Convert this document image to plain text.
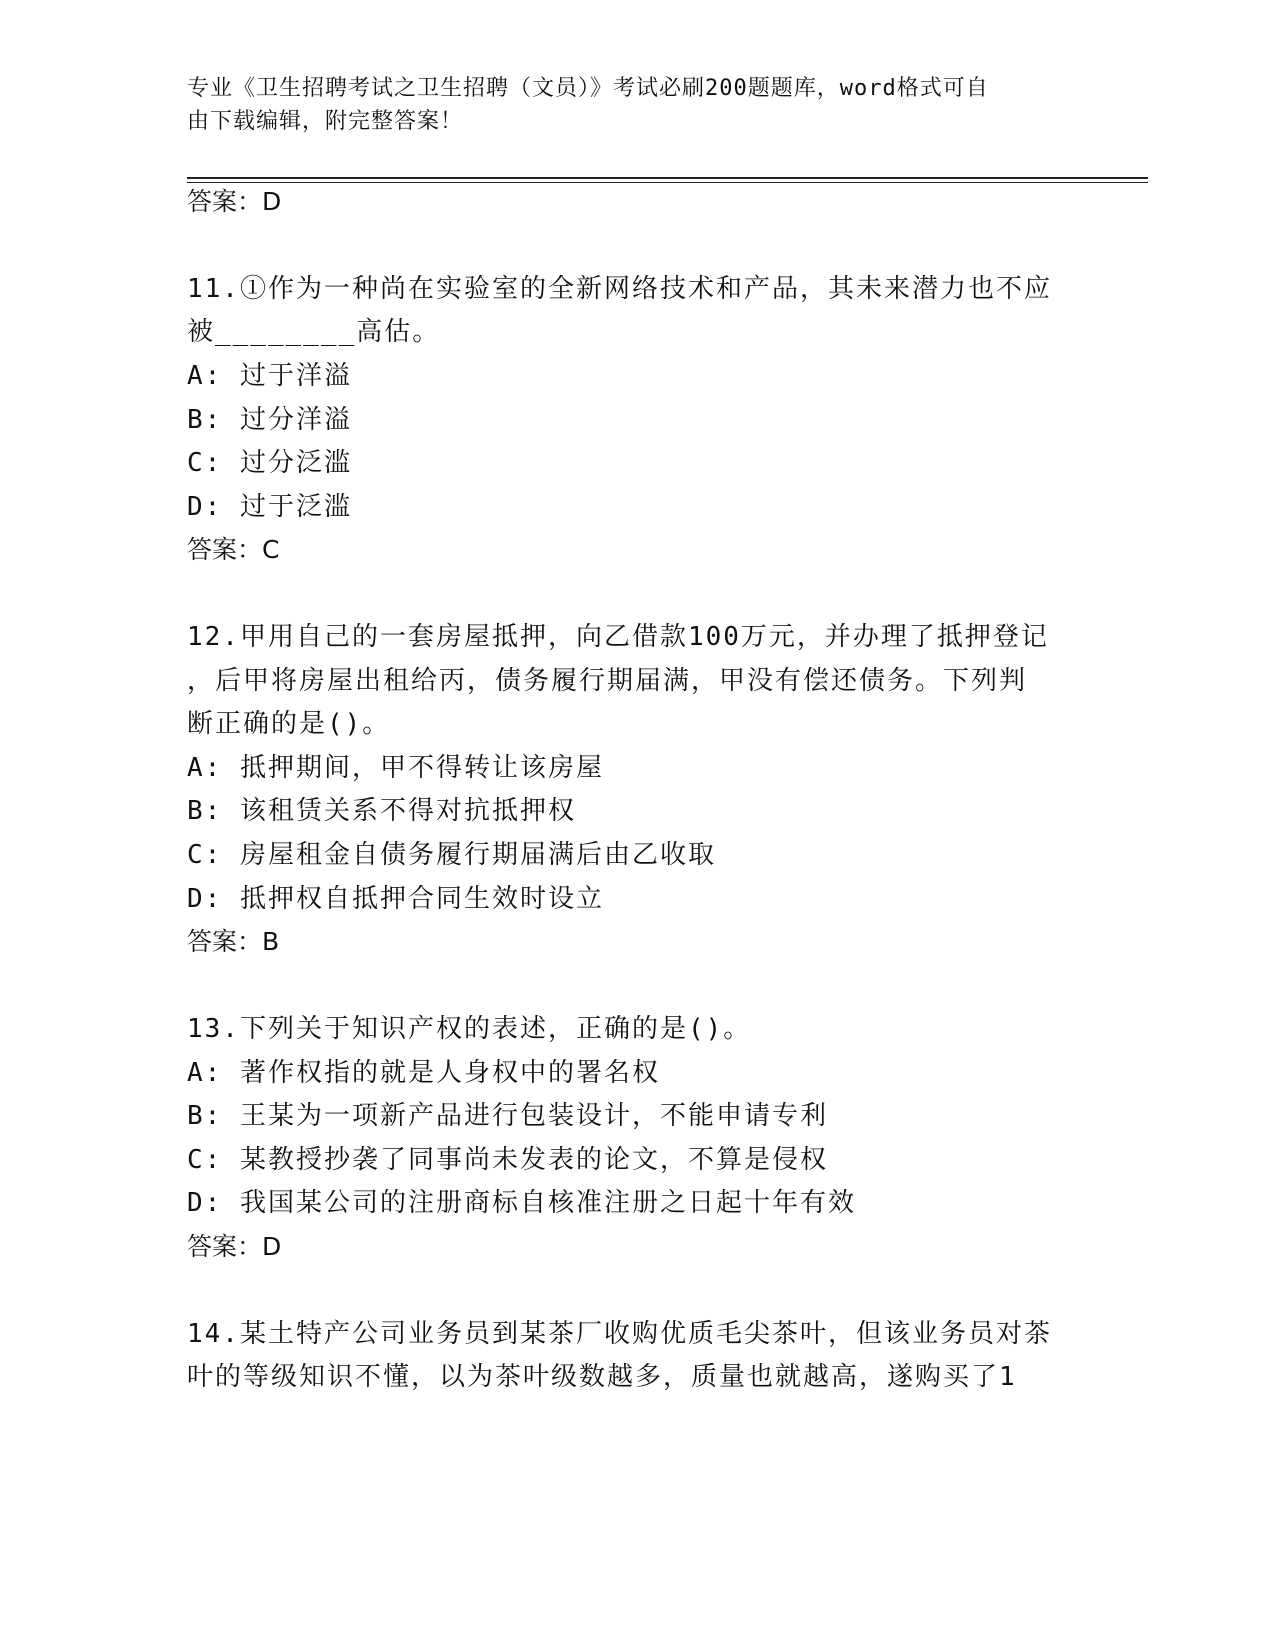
专业《卫生招聘考试之卫生招聘（文员）》考试必刷200题题库，word格式可自
由下载编辑，附完整答案！
答案：D
11.①作为一种尚在实验室的全新网络技术和产品，其未来潜力也不应
被________高估。
A: 过于洋溢
B: 过分洋溢
C: 过分泛滥
D: 过于泛滥
答案：C
12.甲用自己的一套房屋抵押，向乙借款100万元，并办理了抵押登记
，后甲将房屋出租给丙，债务履行期届满，甲没有偿还债务。下列判
断正确的是()。
A: 抵押期间，甲不得转让该房屋
B: 该租赁关系不得对抗抵押权
C: 房屋租金自债务履行期届满后由乙收取
D: 抵押权自抵押合同生效时设立
答案：B
13.下列关于知识产权的表述，正确的是()。
A: 著作权指的就是人身权中的署名权
B: 王某为一项新产品进行包装设计，不能申请专利
C: 某教授抄袭了同事尚未发表的论文，不算是侵权
D: 我国某公司的注册商标自核准注册之日起十年有效
答案：D
14.某土特产公司业务员到某茶厂收购优质毛尖茶叶，但该业务员对茶
叶的等级知识不懂，以为茶叶级数越多，质量也就越高，遂购买了1
